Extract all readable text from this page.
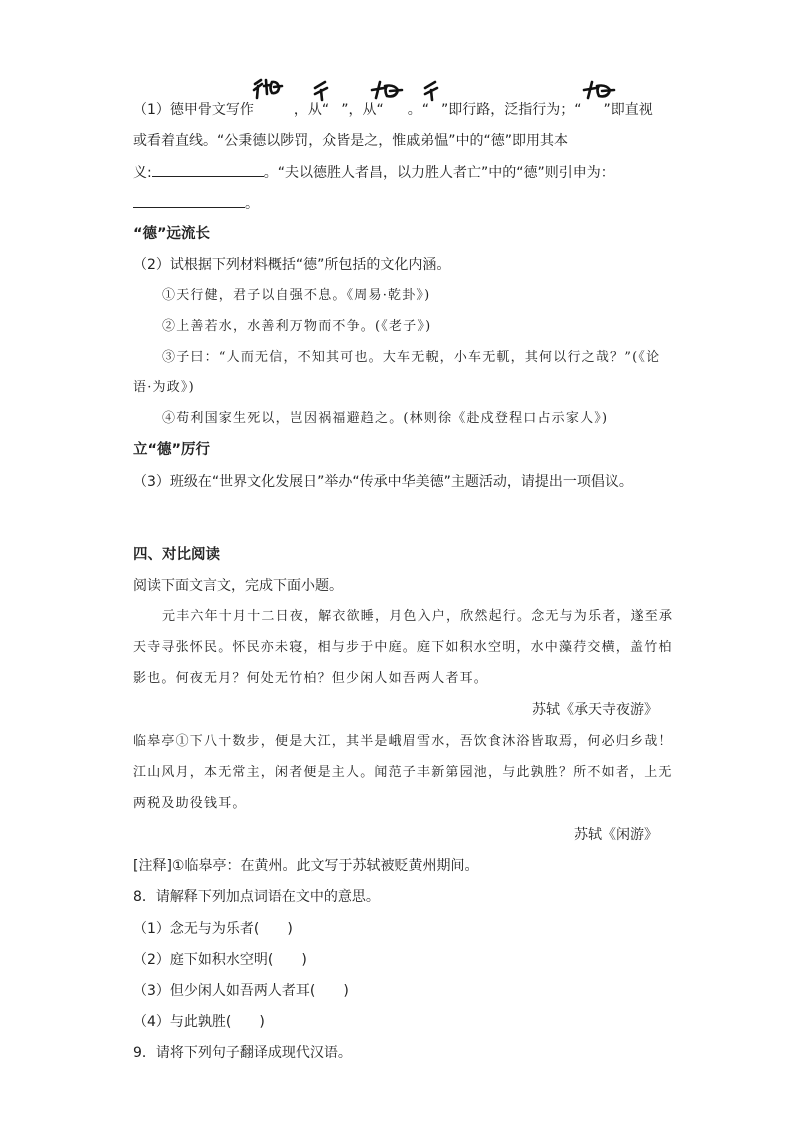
（1）德甲骨文写作	，从“ ”，从“ 。“ ”即行路，泛指行为；“ ”即直视
或看着直线。“公秉德以陟罚，众皆是之，惟戚弟愠”中的“德”即用其本
义:	。“夫以德胜人者昌，以力胜人者亡”中的“德”则引申为：
。
“德”远流长
（2）试根据下列材料概括“德”所包括的文化内涵。
①天行健，君子以自强不息。《周易·乾卦》)
②上善若水，水善利万物而不争。(《老子》)
③子曰：“人而无信，不知其可也。大车无輗，小车无軏，其何以行之哉？”(《论
语·为政》)
④苟利国家生死以，岂因祸福避趋之。(林则徐《赴戍登程口占示家人》)
立“德”厉行
（3）班级在“世界文化发展日”举办“传承中华美德”主题活动，请提出一项倡议。
四、对比阅读
阅读下面文言文，完成下面小题。
元丰六年十月十二日夜，解衣欲睡，月色入户，欣然起行。念无与为乐者，遂至承
天寺寻张怀民。怀民亦未寝，相与步于中庭。庭下如积水空明，水中藻荇交横，盖竹柏
影也。何夜无月？何处无竹柏？但少闲人如吾两人者耳。
苏轼《承天寺夜游》
临皋亭①下八十数步，便是大江，其半是峨眉雪水，吾饮食沐浴皆取焉，何必归乡哉！
江山风月，本无常主，闲者便是主人。闻范子丰新第园池，与此孰胜？所不如者，上无
两税及助役钱耳。
苏轼《闲游》
[注释]①临皋亭：在黄州。此文写于苏轼被贬黄州期间。
8．请解释下列加点词语在文中的意思。
（1）念无与为乐者(　　)
（2）庭下如积水空明(　　)
（3）但少闲人如吾两人者耳(　　)
（4）与此孰胜(　　)
9．请将下列句子翻译成现代汉语。
